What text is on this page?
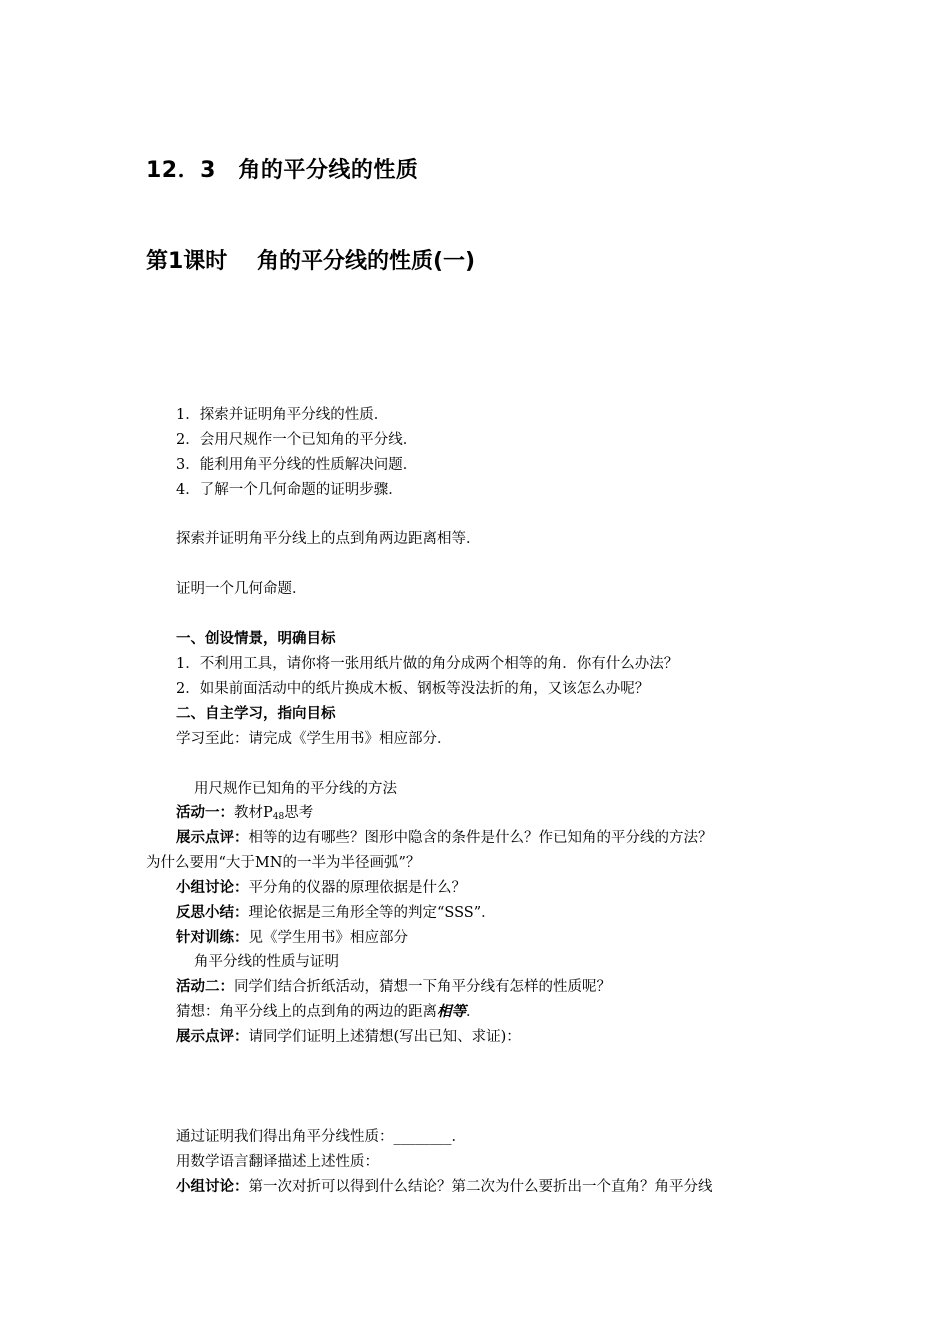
12．3　角的平分线的性质
第1课时　 角的平分线的性质(一)
1．探索并证明角平分线的性质．
2．会用尺规作一个已知角的平分线．
3．能利用角平分线的性质解决问题．
4．了解一个几何命题的证明步骤．
探索并证明角平分线上的点到角两边距离相等．
证明一个几何命题．
一、创设情景，明确目标
1．不利用工具，请你将一张用纸片做的角分成两个相等的角．你有什么办法？
2．如果前面活动中的纸片换成木板、钢板等没法折的角，又该怎么办呢？
二、自主学习，指向目标
学习至此：请完成《学生用书》相应部分．
用尺规作已知角的平分线的方法
活动一：教材$P_{48}$思考
展示点评：相等的边有哪些？图形中隐含的条件是什么？作已知角的平分线的方法？
为什么要用“大于MN的一半为半径画弧”？
小组讨论：平分角的仪器的原理依据是什么？
反思小结：理论依据是三角形全等的判定“SSS”．
针对训练：见《学生用书》相应部分
角平分线的性质与证明
活动二：同学们结合折纸活动，猜想一下角平分线有怎样的性质呢？
猜想：角平分线上的点到角的两边的距离相等．
展示点评：请同学们证明上述猜想(写出已知、求证)：
通过证明我们得出角平分线性质：________．
用数学语言翻译描述上述性质：
小组讨论：第一次对折可以得到什么结论？第二次为什么要折出一个直角？角平分线
